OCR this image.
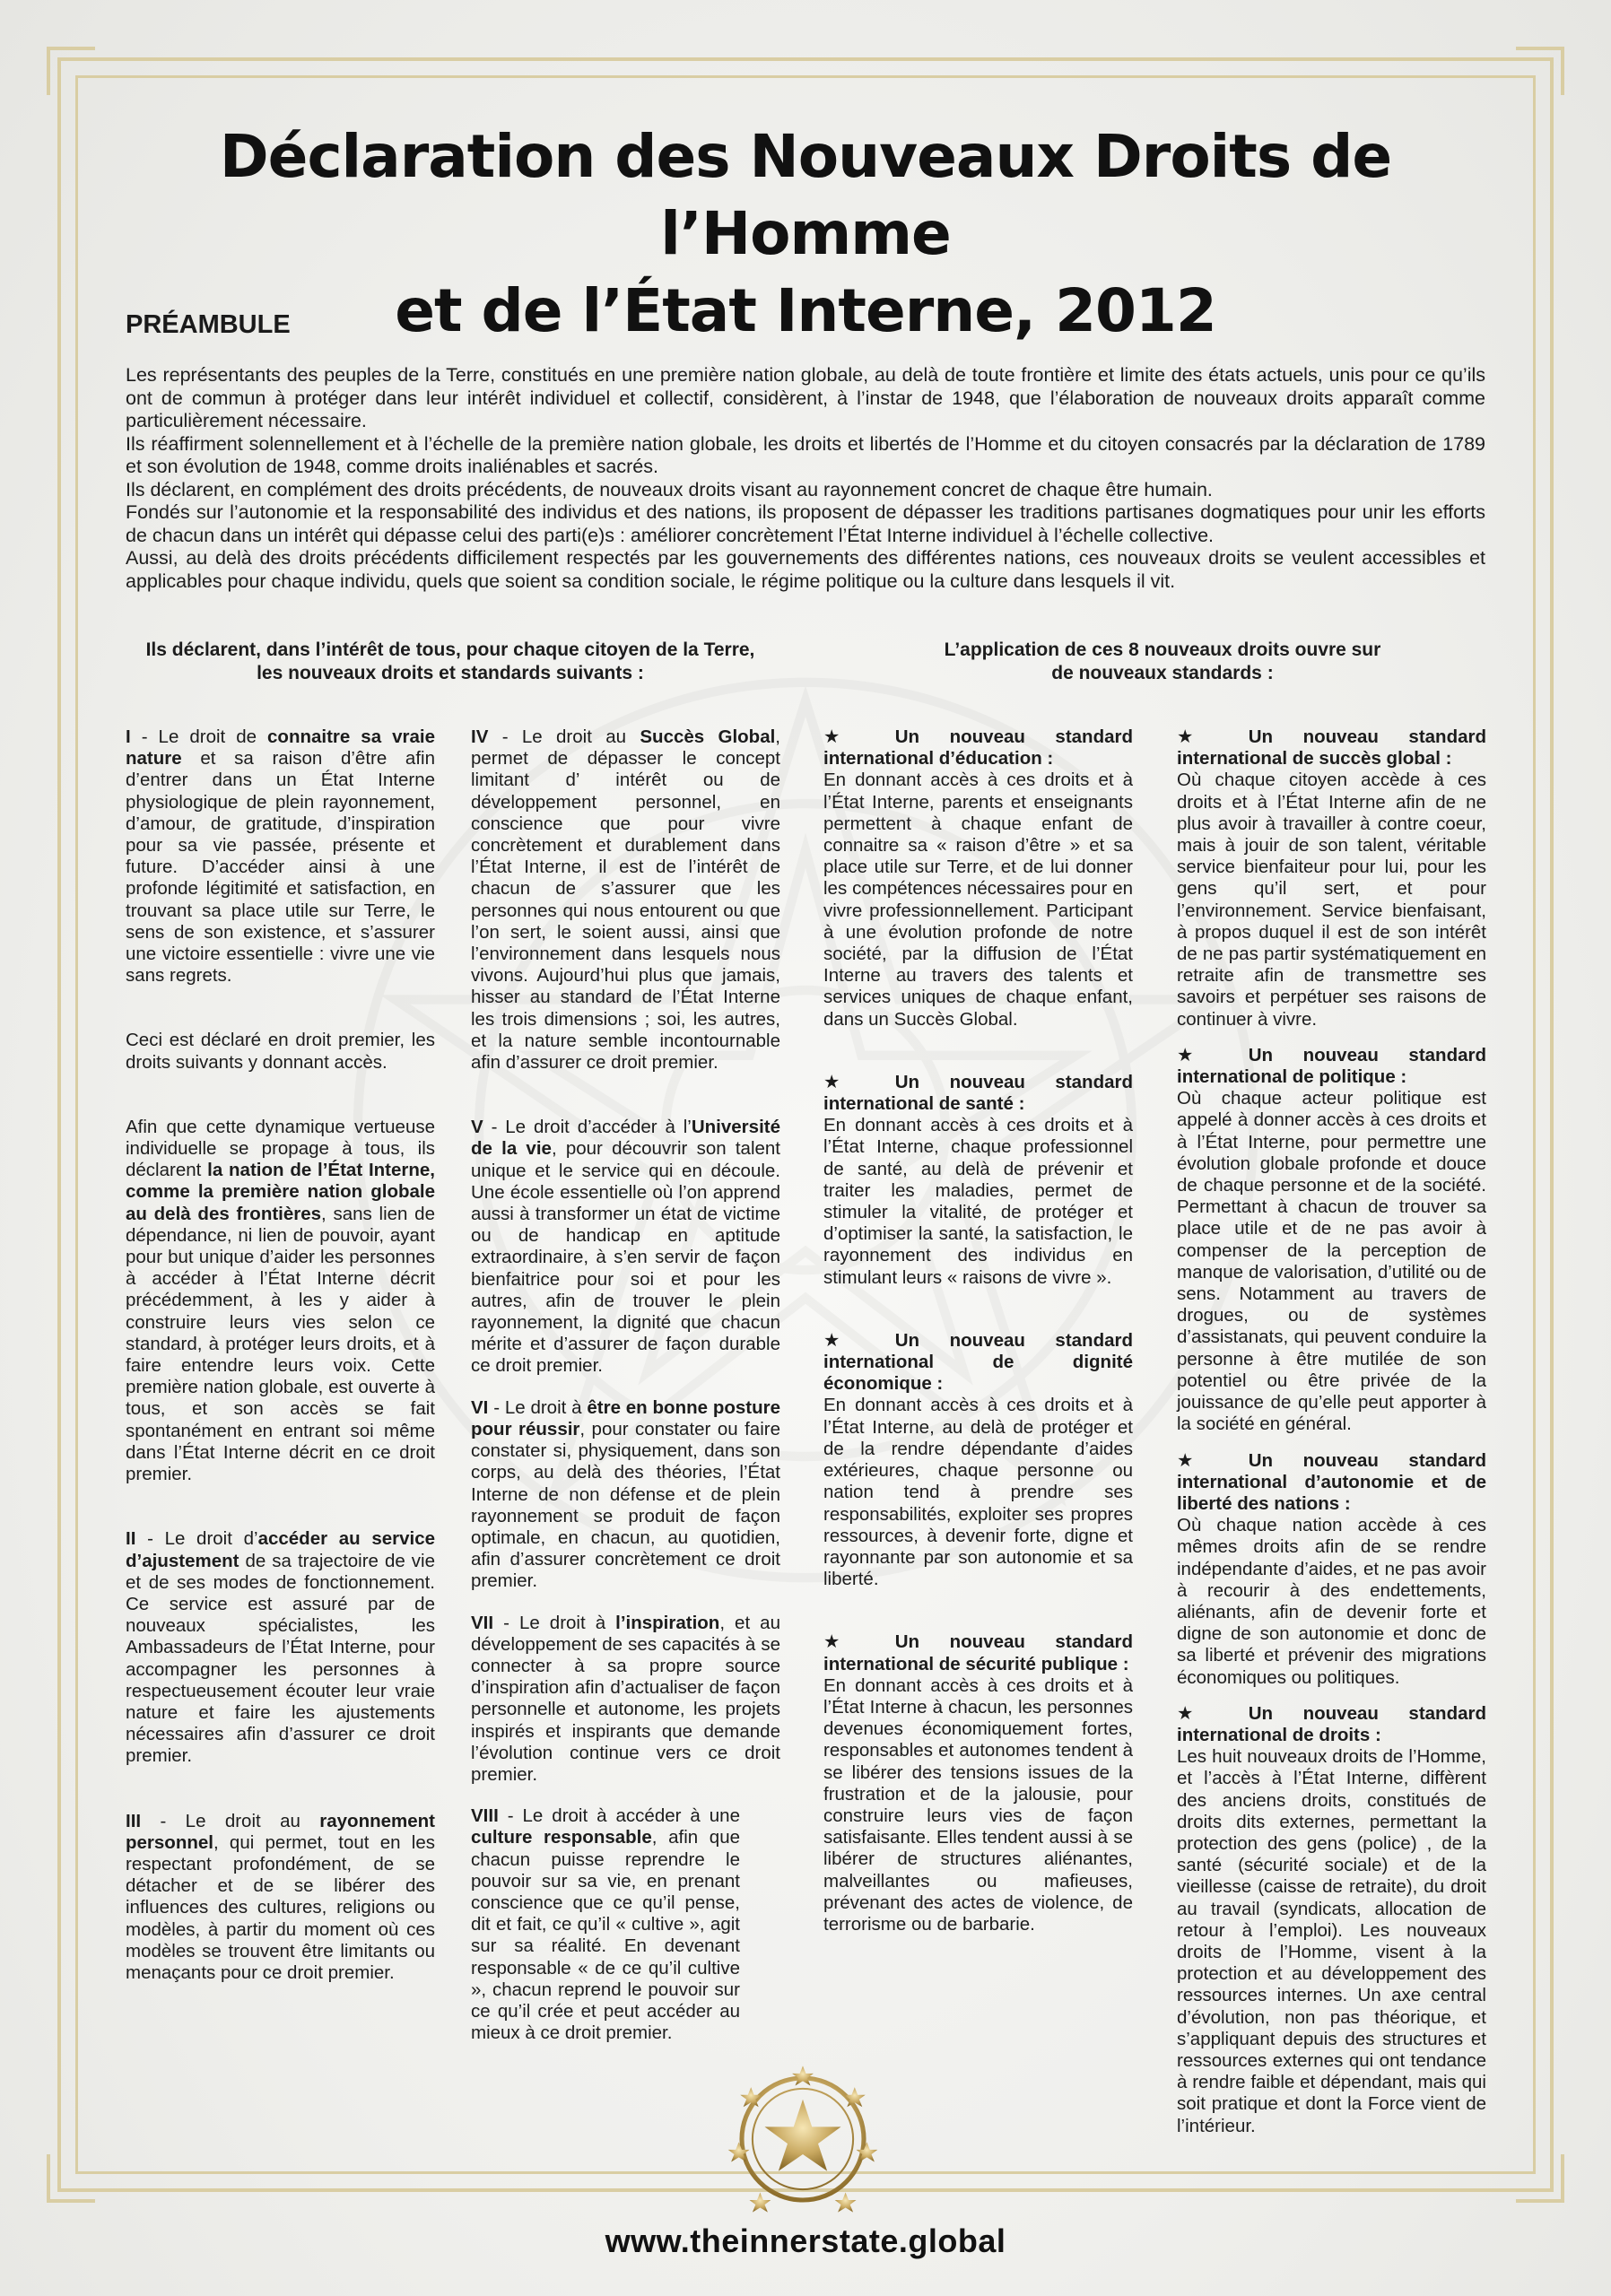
Déclaration des Nouveaux Droits de l’Homme
et de l’État Interne, 2012
PRÉAMBULE

Les représentants des peuples de la Terre, constitués en une première nation globale, au delà de toute frontière et limite des états actuels, unis pour ce qu’ils ont de commun à protéger dans leur intérêt individuel et collectif, considèrent, à l’instar de 1948, que l’élaboration de nouveaux droits apparaît comme particulièrement nécessaire.

Ils réaffirment solennellement et à l’échelle de la première nation globale, les droits et libertés de l’Homme et du citoyen consacrés par la déclaration de 1789 et son évolution de 1948, comme droits inaliénables et sacrés.

Ils déclarent, en complément des droits précédents, de nouveaux droits visant au rayonnement concret de chaque être humain.

Fondés sur l’autonomie et la responsabilité des individus et des nations, ils proposent de dépasser les traditions partisanes dogmatiques pour unir les efforts de chacun dans un intérêt qui dépasse celui des parti(e)s : améliorer concrètement l’État Interne individuel à l’échelle collective.

Aussi, au delà des droits précédents difficilement respectés par les gouvernements des différentes nations, ces nouveaux droits se veulent accessibles et applicables pour chaque individu, quels que soient sa condition sociale, le régime politique ou la culture dans lesquels il vit.

Ils déclarent, dans l’intérêt de tous, pour chaque citoyen de la Terre,
les nouveaux droits et standards suivants :
L’application de ces 8 nouveaux droits ouvre sur
de nouveaux standards :
I - Le droit de connaitre sa vraie nature et sa raison d’être afin d’entrer dans un État Interne physiologique de plein rayonnement, d’amour, de gratitude, d’inspiration pour sa vie passée, présente et future. D’accéder ainsi à une profonde légitimité et satisfaction, en trouvant sa place utile sur Terre, le sens de son existence, et s’assurer une victoire essentielle : vivre une vie sans regrets.
Ceci est déclaré en droit premier, les droits suivants y donnant accès.
Afin que cette dynamique vertueuse individuelle se propage à tous, ils déclarent la nation de l’État Interne, comme la première nation globale au delà des frontières, sans lien de dépendance, ni lien de pouvoir, ayant pour but unique d’aider les personnes à accéder à l’État Interne décrit précédemment, à les y aider à construire leurs vies selon ce standard, à protéger leurs droits, et à faire entendre leurs voix. Cette première nation globale, est ouverte à tous, et son accès se fait spontanément en entrant soi même dans l’État Interne décrit en ce droit premier.
II - Le droit d’accéder au service d’ajustement de sa trajectoire de vie et de ses modes de fonctionnement. Ce service est assuré par de nouveaux spécialistes, les Ambassadeurs de l’État Interne, pour accompagner les personnes à respectueusement écouter leur vraie nature et faire les ajustements nécessaires afin d’assurer ce droit premier.
III - Le droit au rayonnement personnel, qui permet, tout en les respectant profondément, de se détacher et de se libérer des influences des cultures, religions ou modèles, à partir du moment où ces modèles se trouvent être limitants ou menaçants pour ce droit premier.
IV - Le droit au Succès Global, permet de dépasser le concept limitant d’ intérêt ou de développement personnel, en conscience que pour vivre concrètement et durablement dans l’État Interne, il est de l’intérêt de chacun de s’assurer que les personnes qui nous entourent ou que l’on sert, le soient aussi, ainsi que l’environnement dans lesquels nous vivons. Aujourd’hui plus que jamais, hisser au standard de l’État Interne les trois dimensions ; soi, les autres, et la nature semble incontournable afin d’assurer ce droit premier.
V - Le droit d’accéder à l’Université de la vie, pour découvrir son talent unique et le service qui en découle. Une école essentielle où l’on apprend aussi à transformer un état de victime ou de handicap en aptitude extraordinaire, à s’en servir de façon bienfaitrice pour soi et pour les autres, afin de trouver le plein rayonnement, la dignité que chacun mérite et d’assurer de façon durable ce droit premier.
VI - Le droit à être en bonne posture pour réussir, pour constater ou faire constater si, physiquement, dans son corps, au delà des théories, l’État Interne de non défense et de plein rayonnement se produit de façon optimale, en chacun, au quotidien, afin d’assurer concrètement ce droit premier.
VII - Le droit à l’inspiration, et au développement de ses capacités à se connecter à sa propre source d’inspiration afin d’actualiser de façon personnelle et autonome, les projets inspirés et inspirants que demande l’évolution continue vers ce droit premier.
VIII - Le droit à accéder à une culture responsable, afin que chacun puisse reprendre le pouvoir sur sa vie, en prenant conscience que ce qu’il pense, dit et fait, ce qu’il « cultive », agit sur sa réalité. En devenant responsable « de ce qu’il cultive », chacun reprend le pouvoir sur ce qu’il crée et peut accéder au mieux à ce droit premier.
★ Un nouveau standard international d’éducation :
En donnant accès à ces droits et à l’État Interne, parents et enseignants permettent à chaque enfant de connaitre sa « raison d’être » et sa place utile sur Terre, et de lui donner les compétences nécessaires pour en vivre professionnellement. Participant à une évolution profonde de notre société, par la diffusion de l’État Interne au travers des talents et services uniques de chaque enfant, dans un Succès Global.
★ Un nouveau standard international de santé :
En donnant accès à ces droits et à l’État Interne, chaque professionnel de santé, au delà de prévenir et traiter les maladies, permet de stimuler la vitalité, de protéger et d’optimiser la santé, la satisfaction, le rayonnement des individus en stimulant leurs « raisons de vivre ».
★ Un nouveau standard international de dignité économique :
En donnant accès à ces droits et à l’État Interne, au delà de protéger et de la rendre dépendante d’aides extérieures, chaque personne ou nation tend à prendre ses responsabilités, exploiter ses propres ressources, à devenir forte, digne et rayonnante par son autonomie et sa liberté.
★ Un nouveau standard international de sécurité publique :
En donnant accès à ces droits et à l’État Interne à chacun, les personnes devenues économiquement fortes, responsables et autonomes tendent à se libérer des tensions issues de la frustration et de la jalousie, pour construire leurs vies de façon satisfaisante. Elles tendent aussi à se libérer de structures aliénantes, malveillantes ou mafieuses, prévenant des actes de violence, de terrorisme ou de barbarie.
★ Un nouveau standard international de succès global :
Où chaque citoyen accède à ces droits et à l’État Interne afin de ne plus avoir à travailler à contre coeur, mais à jouir de son talent, véritable service bienfaiteur pour lui, pour les gens qu’il sert, et pour l’environnement. Service bienfaisant, à propos duquel il est de son intérêt de ne pas partir systématiquement en retraite afin de transmettre ses savoirs et perpétuer ses raisons de continuer à vivre.
★ Un nouveau standard international de politique :
Où chaque acteur politique est appelé à donner accès à ces droits et à l’État Interne, pour permettre une évolution globale profonde et douce de chaque personne et de la société. Permettant à chacun de trouver sa place utile et de ne pas avoir à compenser de la perception de manque de valorisation, d’utilité ou de sens. Notamment au travers de drogues, ou de systèmes d’assistanats, qui peuvent conduire la personne à être mutilée de son potentiel ou être privée de la jouissance de qu’elle peut apporter à la société en général.
★ Un nouveau standard international d’autonomie et de liberté des nations :
Où chaque nation accède à ces mêmes droits afin de se rendre indépendante d’aides, et ne pas avoir à recourir à des endettements, aliénants, afin de devenir forte et digne de son autonomie et donc de sa liberté et prévenir des migrations économiques ou politiques.
★ Un nouveau standard international de droits :
Les huit nouveaux droits de l’Homme, et l’accès à l’État Interne, diffèrent des anciens droits, constitués de droits dits externes, permettant la protection des gens (police) , de la santé (sécurité sociale) et de la vieillesse (caisse de retraite), du droit au travail (syndicats, allocation de retour à l’emploi). Les nouveaux droits de l’Homme, visent à la protection et au développement des ressources internes. Un axe central d’évolution, non pas théorique, et s’appliquant depuis des structures et ressources externes qui ont tendance à rendre faible et dépendant, mais qui soit pratique et dont la Force vient de l’intérieur.
www.theinnerstate.global
